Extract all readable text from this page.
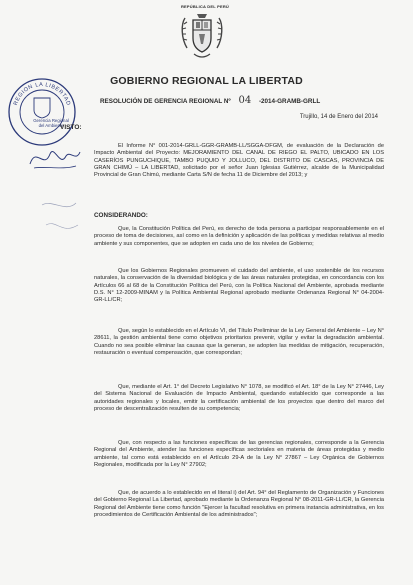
REPÚBLICA DEL PERÚ
GOBIERNO REGIONAL LA LIBERTAD
REGION LA LIBERTAD
Gerencia Regional del Ambiente
RESOLUCIÓN DE GERENCIA REGIONAL Nº 04 -2014-GRAMB-GRLL
Trujillo, 14 de Enero del 2014
VISTO:

El Informe N° 001-2014-GRLL-GGR-GRAMB-LL/SGGA-DFGM, de evaluación de la Declaración de Impacto Ambiental del Proyecto: MEJORAMIENTO DEL CANAL DE RIEGO EL PALTO, UBICADO EN LOS CASERÍOS PUNGUCHIQUE, TAMBO PUQUIO Y JOLLUCO, DEL DISTRITO DE CASCAS, PROVINCIA DE GRAN CHIMÚ – LA LIBERTAD, solicitado por el señor Juan Iglesias Gutiérrez, alcalde de la Municipalidad Provincial de Gran Chimú, mediante Carta S/N de fecha 11 de Diciembre del 2013; y

CONSIDERANDO:

Que, la Constitución Política del Perú, es derecho de toda persona a participar responsablemente en el proceso de toma de decisiones, así como en la definición y aplicación de las políticas y medidas relativas al medio ambiente y sus componentes, que se adopten en cada uno de los niveles de Gobierno;

Que los Gobiernos Regionales promueven el cuidado del ambiente, el uso sostenible de los recursos naturales, la conservación de la diversidad biológica y de las áreas naturales protegidas, en concordancia con los Artículos 66 al 68 de la Constitución Política del Perú, con la Política Nacional del Ambiente, aprobada mediante D.S. N° 12-2009-MINAM y la Política Ambiental Regional aprobado mediante Ordenanza Regional N° 04-2004-GR-LL/CR;

Que, según lo establecido en el Artículo VI, del Título Preliminar de la Ley General del Ambiente – Ley N° 28611, la gestión ambiental tiene como objetivos prioritarios prevenir, vigilar y evitar la degradación ambiental. Cuando no sea posible eliminar las causas que la generan, se adopten las medidas de mitigación, recuperación, restauración o eventual compensación, que correspondan;

Que, mediante el Art. 1° del Decreto Legislativo N° 1078, se modificó el Art. 18° de la Ley N° 27446, Ley del Sistema Nacional de Evaluación de Impacto Ambiental, quedando establecido que corresponde a las autoridades regionales y locales, emitir la certificación ambiental de los proyectos que dentro del marco del proceso de descentralización resulten de su competencia;

Que, con respecto a las funciones específicas de las gerencias regionales, corresponde a la Gerencia Regional del Ambiente, atender las funciones específicas sectoriales en materia de áreas protegidas y medio ambiente, tal como está establecido en el Artículo 29-A de la Ley N° 27867 – Ley Orgánica de Gobiernos Regionales, modificada por la Ley N° 27902;

Que, de acuerdo a lo establecido en el literal i) del Art. 94° del Reglamento de Organización y Funciones del Gobierno Regional La Libertad, aprobado mediante la Ordenanza Regional N° 08-2011-GR-LL/CR, la Gerencia Regional del Ambiente tiene como función "Ejercer la facultad resolutiva en primera instancia administrativa, en los procedimientos de Certificación Ambiental de los administrados";
